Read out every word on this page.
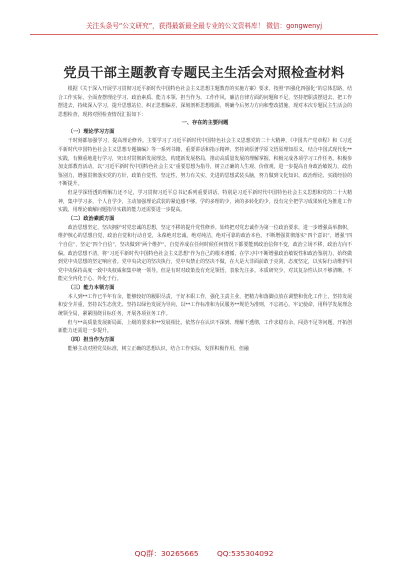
关注头条号“公文研究”，获得最新最全最专业的公文资料库！ 微信：gongwenyj
党员干部主题教育专题民主生活会对照检查材料

根据《关于深入开展学习贯彻习近平新时代中国特色社会主义思想主题教育的实施方案》要求，按照“四强化四强化”的总体思路，结合工作实际，全面查摆理论学习、政治素质、能力本领、担当作为、工作作风、廉洁自律方面的问题和不足，坚持把职责摆进去，把工作摆进去，持续深入学习，提升思想站位，纠正思想偏差，深刻剖析思想根源，明确今后努力方向和整改措施，现对本次专题民主生活会的思想检查，现将对照检查情况汇报如下：

一、存在的主要问题

（一）理论学习方面

干时刻都加强学习，提高理论修养。主要学习了习近平新时代中国特色社会主义思想党的二十大精神，《中国共产党章程》和《习近平新时代中国特色社会主义思想专题摘编》等一系列书籍，重要讲话和指示精神，坚持读原著学原文悟原理知原义，结合中国式现代化**实践，有侧重地进行学习，突出对贯彻新发展理念，构建新发展格局，推动高质量发展的理解掌握，积极完成各项学习工作任务。积极参加支部教育活动，以“习近平新时代中国特色社会主义”重要思想为指导，树立正确的人生观、价值观，进一步提高自身政治敏锐力，政治鉴别力，增强贯彻落实党的方针，政策自觉性，坚定性，努力有关实、先进的思想武装头脑，努力做到文化知识、政治理论、实践经验的不断提升。

但是学深悟透的理解力还不足，学习贯彻习近平总书记系列重要讲话、特别是习近平新时代中国特色社会主义思想和党的二十大精神，集中学习多，个人自学少，主动加强理论武装的紧迫感不够，学的多理的少，读的多转化的少，没有完全把学习成果转化为推进工作实践，用理论破解问题指导实践的能力还需要进一步提高。

（二）政治素质方面

政治思想坚定，坚决拥护对党忠诚的思想，坚定不移的提升党性修养。始终把对党忠诚作为第一位政治要求，进一步增强高举旗帜，维护核心的思想自觉，政治自觉和行动自觉，永葆绝对忠诚，绝对纯洁，绝对可靠的政治本色。不断增强贯彻落实“四个意识”，增强“四个自信”，坚定“四个自信”，坚决做到“两个维护”。自觉养成在任何时候任何情况下都要能到政治信仰不变，政治立场不移，政治方向不偏。政治思想不清，将“习近平新时代中国特色社会主义思想”作为自己的根本遵循，在学习中不断增强政治敏锐性和政治鉴别力，始终做到党中央思想的坚定响应者。党中央决定的坚决执行，党中央禁止的坚决不做，在大是大非面前敢于亮剑，态度坚定，以实际行动维护同党中央保持高度一致中央权威和集中统一领导。但是有时对政策没有充足领悟，表象先注多。本质研究少，对其复杂性认识不够清晰，不能完全内化于心、外化于行。

（三）能力本领方面

本人到**工作已半年有余，能够较好的履职尽责，干好本职工作，强化主责主业，把精力和落脚点放在调整和优化工作上，坚持发展和安全并重，坚持以生态优先、坚持以绿色发展为导向，以**工作标准和为民服务**规范为准则，不忘初心，牢记使命，用科学发展理念统领全局，紧紧围绕目标任务，开展各项业务工作。

但与**高质量发展新局面，上级的要求和**发展相比，依然存在认识不深到、理解不透彻，工作求稳有余，闯劲不足等问题，开拓创新能力还需进一步提升。

（四）担当作为方面

能够主动对照党员标准，树立正确的思想认识，结合工作实际，发挥积极作用，但融

QQ群：30265665 QQ:535304092
